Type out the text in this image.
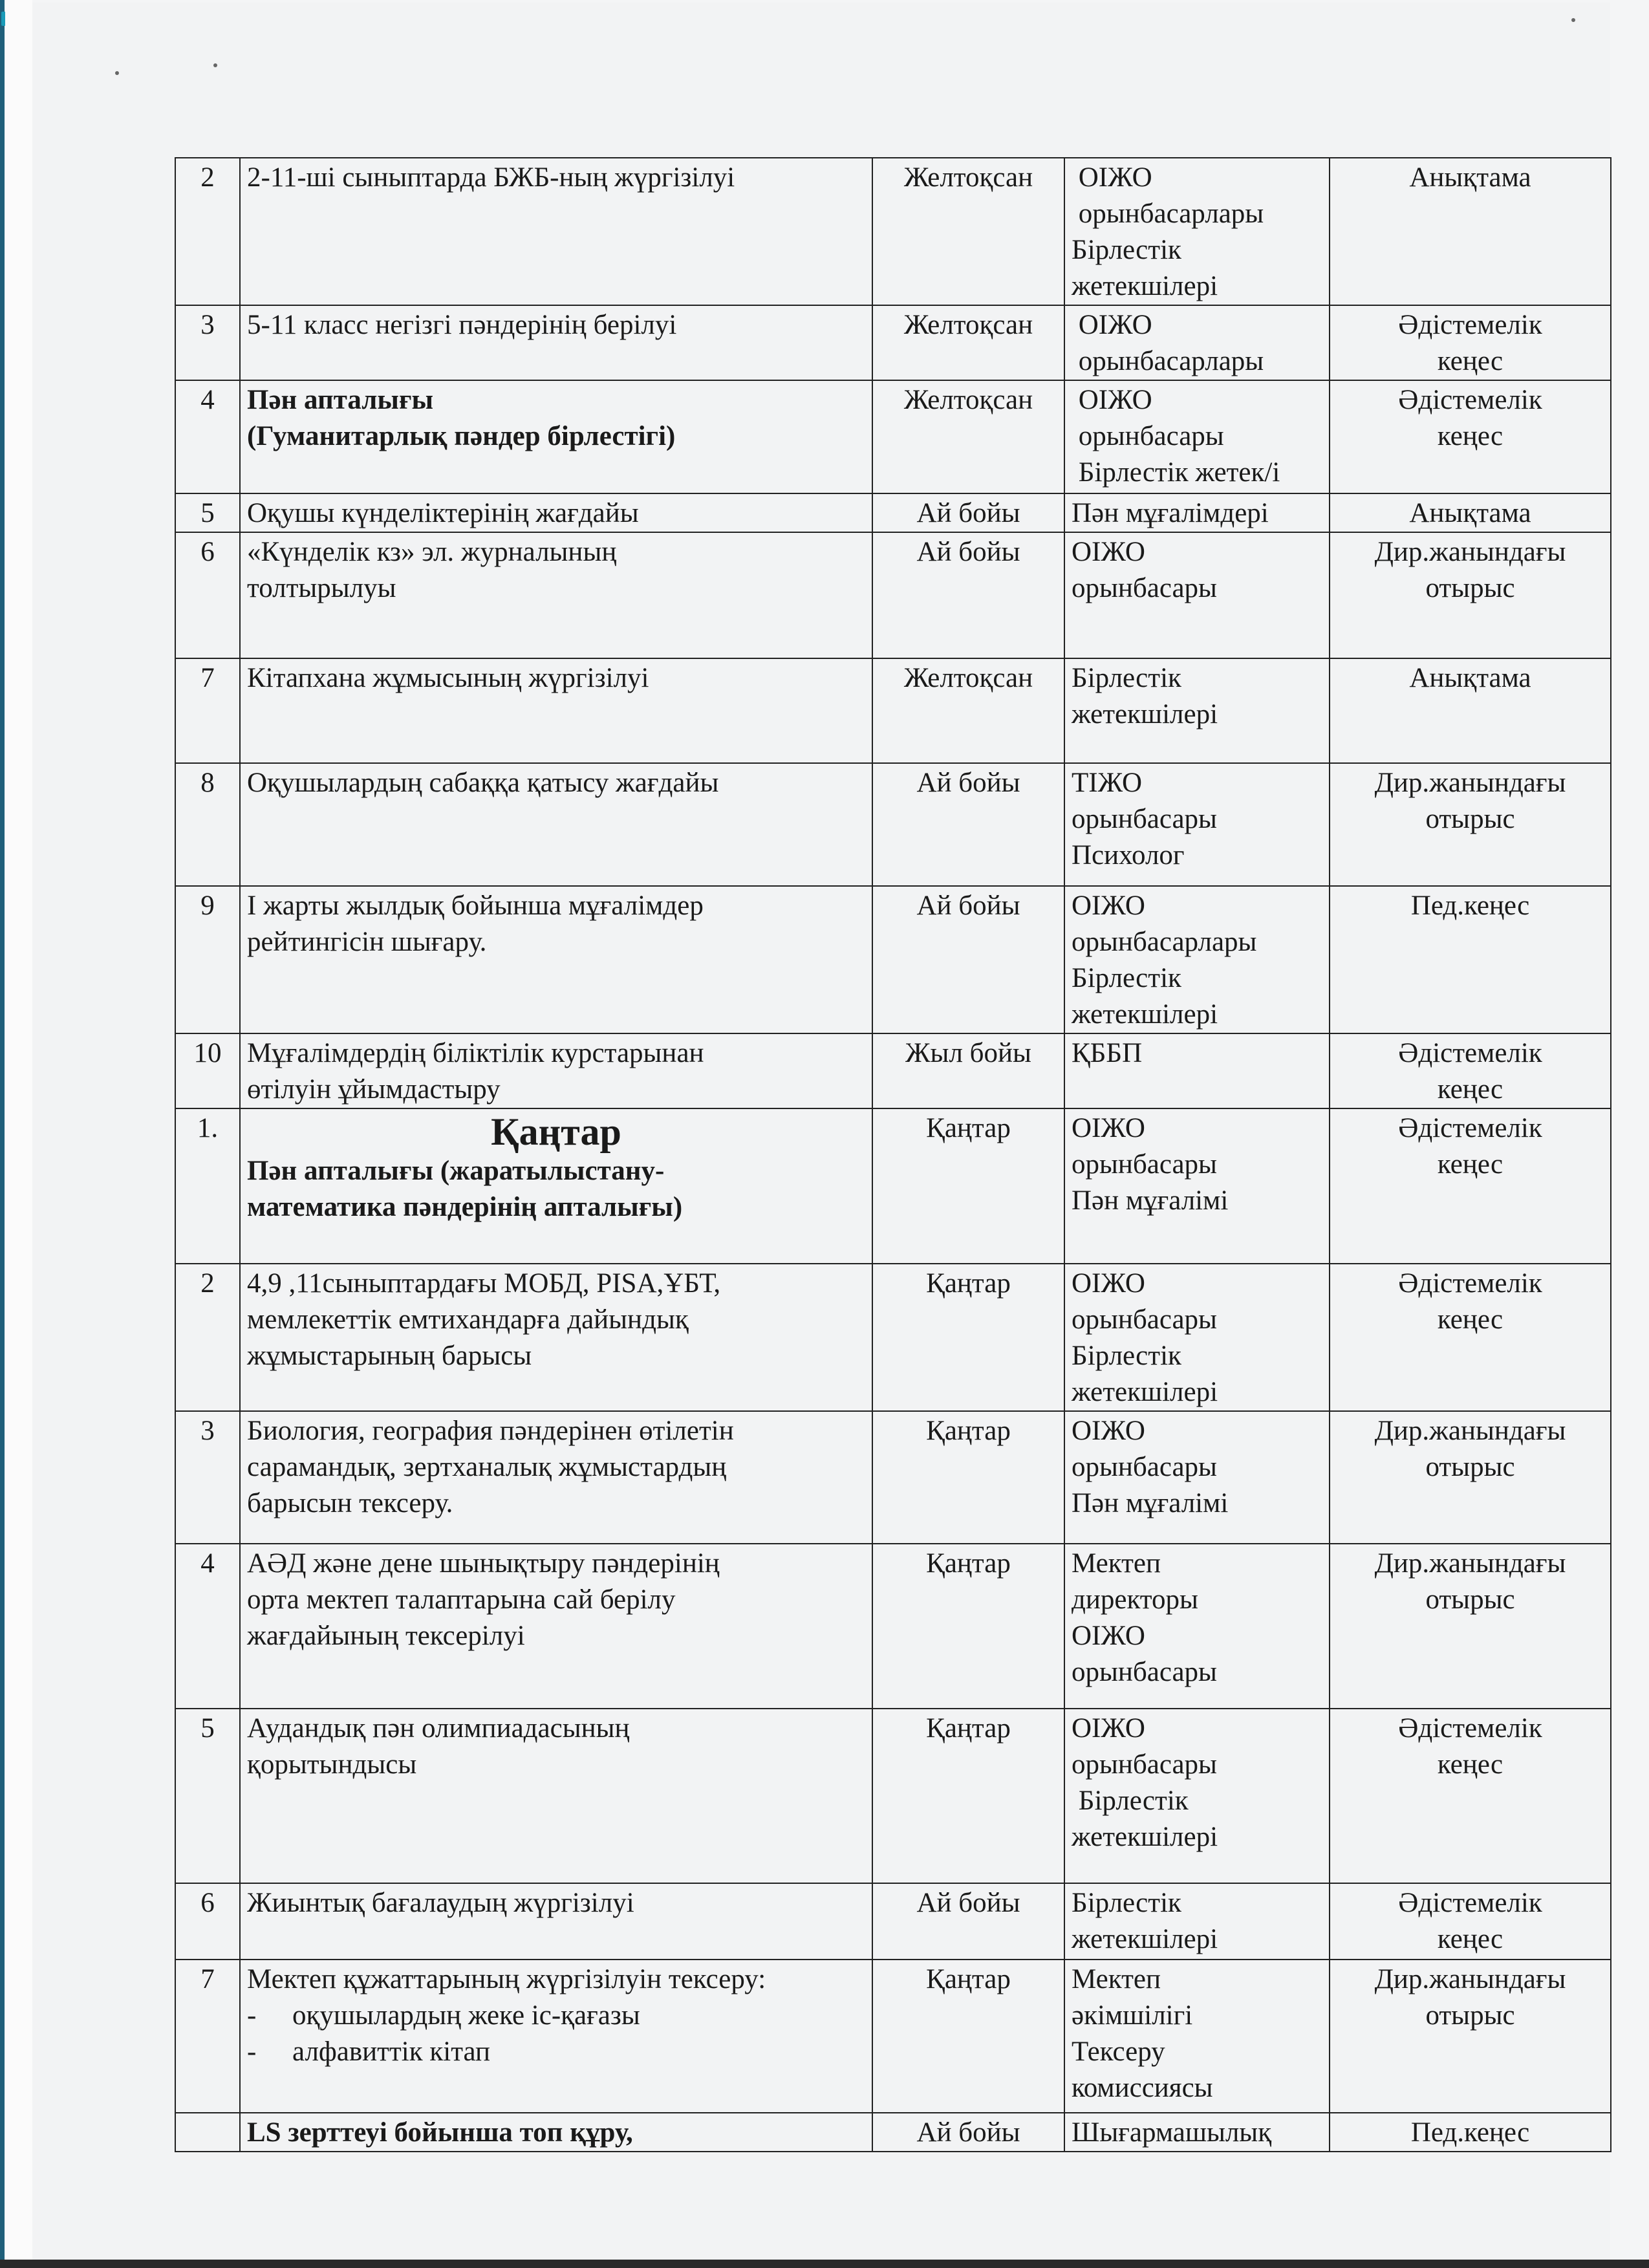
2	2-11-ші сыныптарда БЖБ-ның жүргізілуі	Желтоқсан	ОІЖО
орынбасарлары
Бірлестік
жетекшілері	Анықтама

3	5-11 класс негізгі пәндерінің берілуі	Желтоқсан	ОІЖО
орынбасарлары	Әдістемелік
кеңес

4	Пән апталығы
(Гуманитарлық пәндер бірлестігі)	Желтоқсан	ОІЖО
орынбасары
Бірлестік жетек/і	Әдістемелік
кеңес

5	Оқушы күнделіктерінің жағдайы	Ай бойы	Пән мұғалімдері	Анықтама

6	«Күнделік кз» эл. журналының
толтырылуы	Ай бойы	ОІЖО
орынбасары	Дир.жанындағы
отырыс

7	Кітапхана жұмысының жүргізілуі	Желтоқсан	Бірлестік
жетекшілері	Анықтама

8	Оқушылардың сабаққа қатысу жағдайы	Ай бойы	ТІЖО
орынбасары
Психолог	Дир.жанындағы
отырыс

9	І жарты жылдық бойынша мұғалімдер
рейтингісін шығару.	Ай бойы	ОІЖО
орынбасарлары
Бірлестік
жетекшілері	Пед.кеңес

10	Мұғалімдердің біліктілік курстарынан
өтілуін ұйымдастыру	Жыл бойы	ҚББП	Әдістемелік
кеңес

1.	Қаңтар
Пән апталығы (жаратылыстану-
математика пәндерінің апталығы)	Қаңтар	ОІЖО
орынбасары
Пән мұғалімі	Әдістемелік
кеңес

2	4,9 ,11сыныптардағы МОБД, PISA,ҰБТ,
мемлекеттік емтихандарға дайындық
жұмыстарының барысы	Қаңтар	ОІЖО
орынбасары
Бірлестік
жетекшілері	Әдістемелік
кеңес

3	Биология, география пәндерінен өтілетін
сарамандық, зертханалық жұмыстардың
барысын тексеру.	Қаңтар	ОІЖО
орынбасары
Пән мұғалімі	Дир.жанындағы
отырыс

4	АӘД және дене шынықтыру пәндерінің
орта мектеп талаптарына сай берілу
жағдайының тексерілуі	Қаңтар	Мектеп
директоры
ОІЖО
орынбасары	Дир.жанындағы
отырыс

5	Аудандық пән олимпиадасының
қорытындысы	Қаңтар	ОІЖО
орынбасары
Бірлестік
жетекшілері	Әдістемелік
кеңес

6	Жиынтық бағалаудың жүргізілуі	Ай бойы	Бірлестік
жетекшілері	Әдістемелік
кеңес

7	Мектеп құжаттарының жүргізілуін тексеру:
- оқушылардың жеке іс-қағазы
- алфавиттік кітап	Қаңтар	Мектеп
әкімшілігі
Тексеру
комиссиясы	Дир.жанындағы
отырыс

	LS зерттеуі бойынша топ құру,	Ай бойы	Шығармашылық	Пед.кеңес
